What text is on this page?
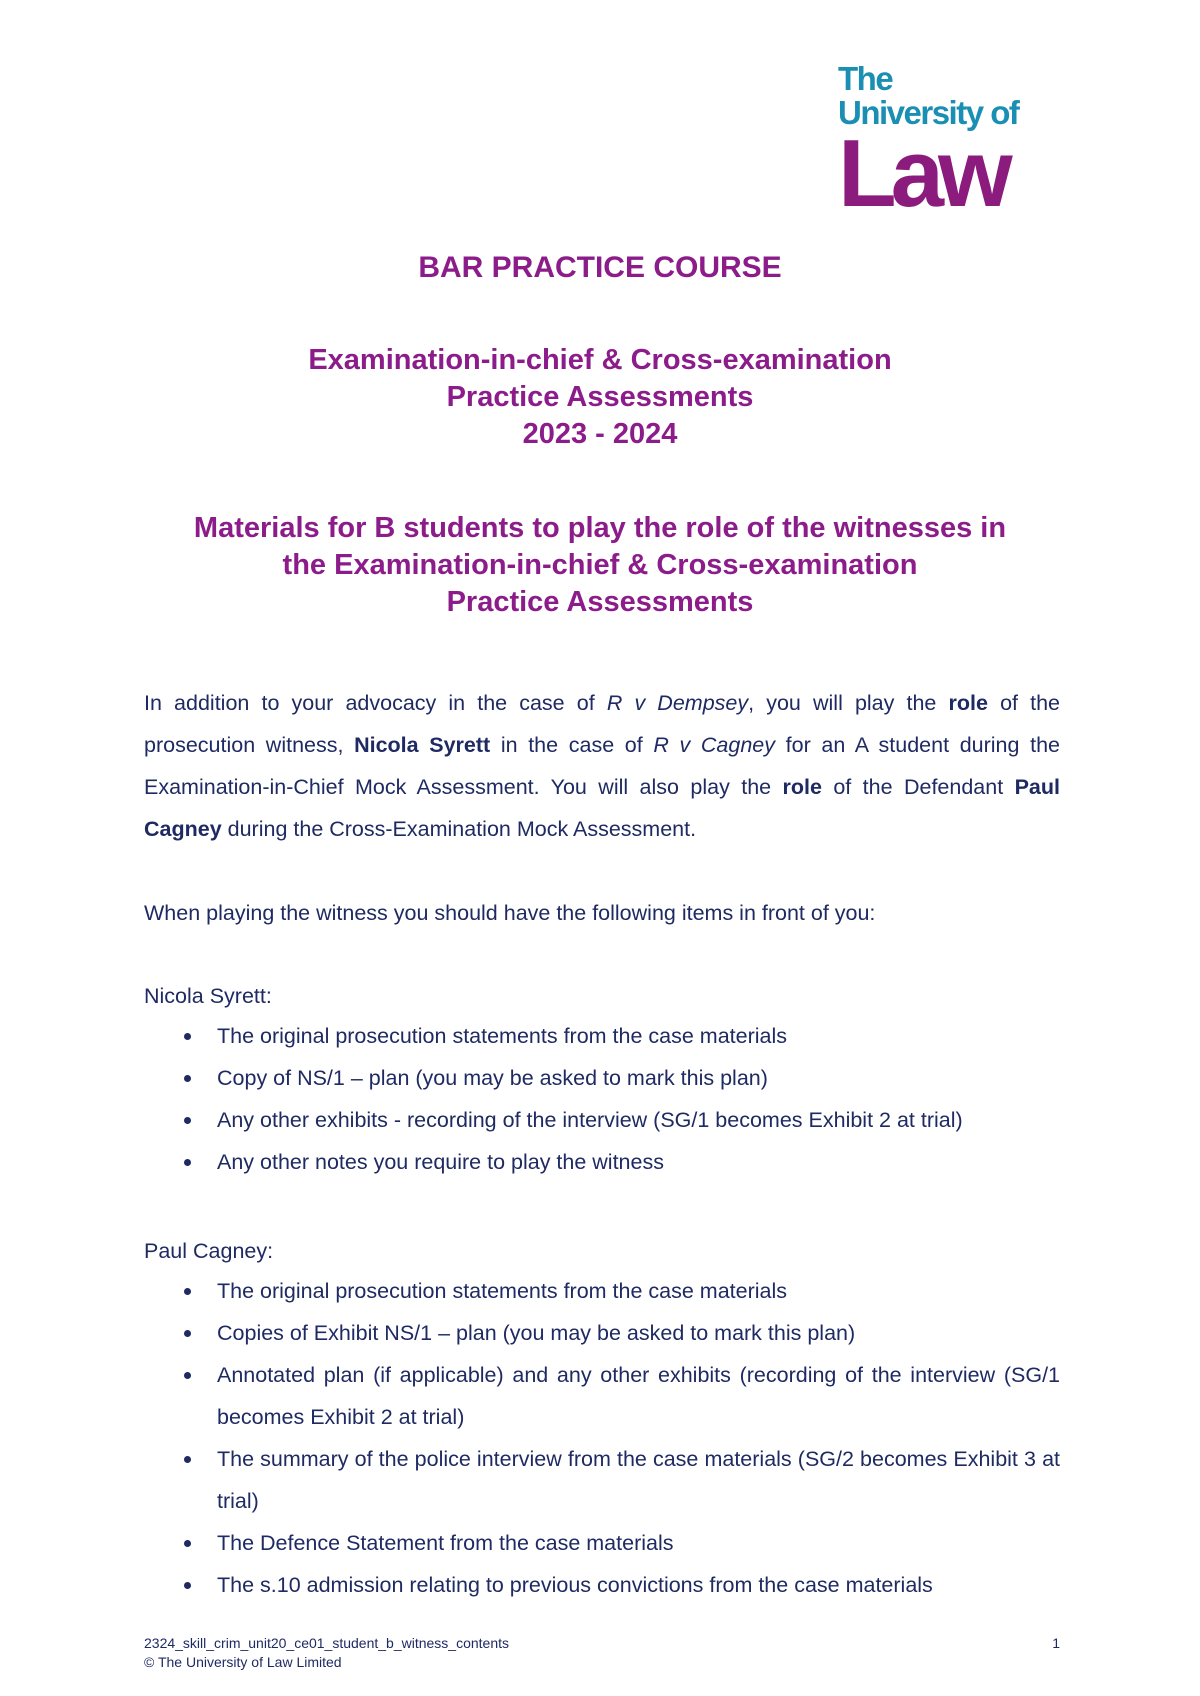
The
University of
Law
BAR PRACTICE COURSE
Examination-in-chief & Cross-examination
Practice Assessments
2023 - 2024
Materials for B students to play the role of the witnesses in
the Examination-in-chief & Cross-examination
Practice Assessments
In addition to your advocacy in the case of R v Dempsey, you will play the role of the prosecution witness, Nicola Syrett in the case of R v Cagney for an A student during the Examination-in-Chief Mock Assessment. You will also play the role of the Defendant Paul Cagney during the Cross-Examination Mock Assessment.
When playing the witness you should have the following items in front of you:
Nicola Syrett:
The original prosecution statements from the case materials
Copy of NS/1 – plan (you may be asked to mark this plan)
Any other exhibits - recording of the interview (SG/1 becomes Exhibit 2 at trial)
Any other notes you require to play the witness
Paul Cagney:
The original prosecution statements from the case materials
Copies of Exhibit NS/1 – plan (you may be asked to mark this plan)
Annotated plan (if applicable) and any other exhibits (recording of the interview (SG/1 becomes Exhibit 2 at trial)
The summary of the police interview from the case materials (SG/2 becomes Exhibit 3 at trial)
The Defence Statement from the case materials
The s.10 admission relating to previous convictions from the case materials
2324_skill_crim_unit20_ce01_student_b_witness_contents
© The University of Law Limited
1
